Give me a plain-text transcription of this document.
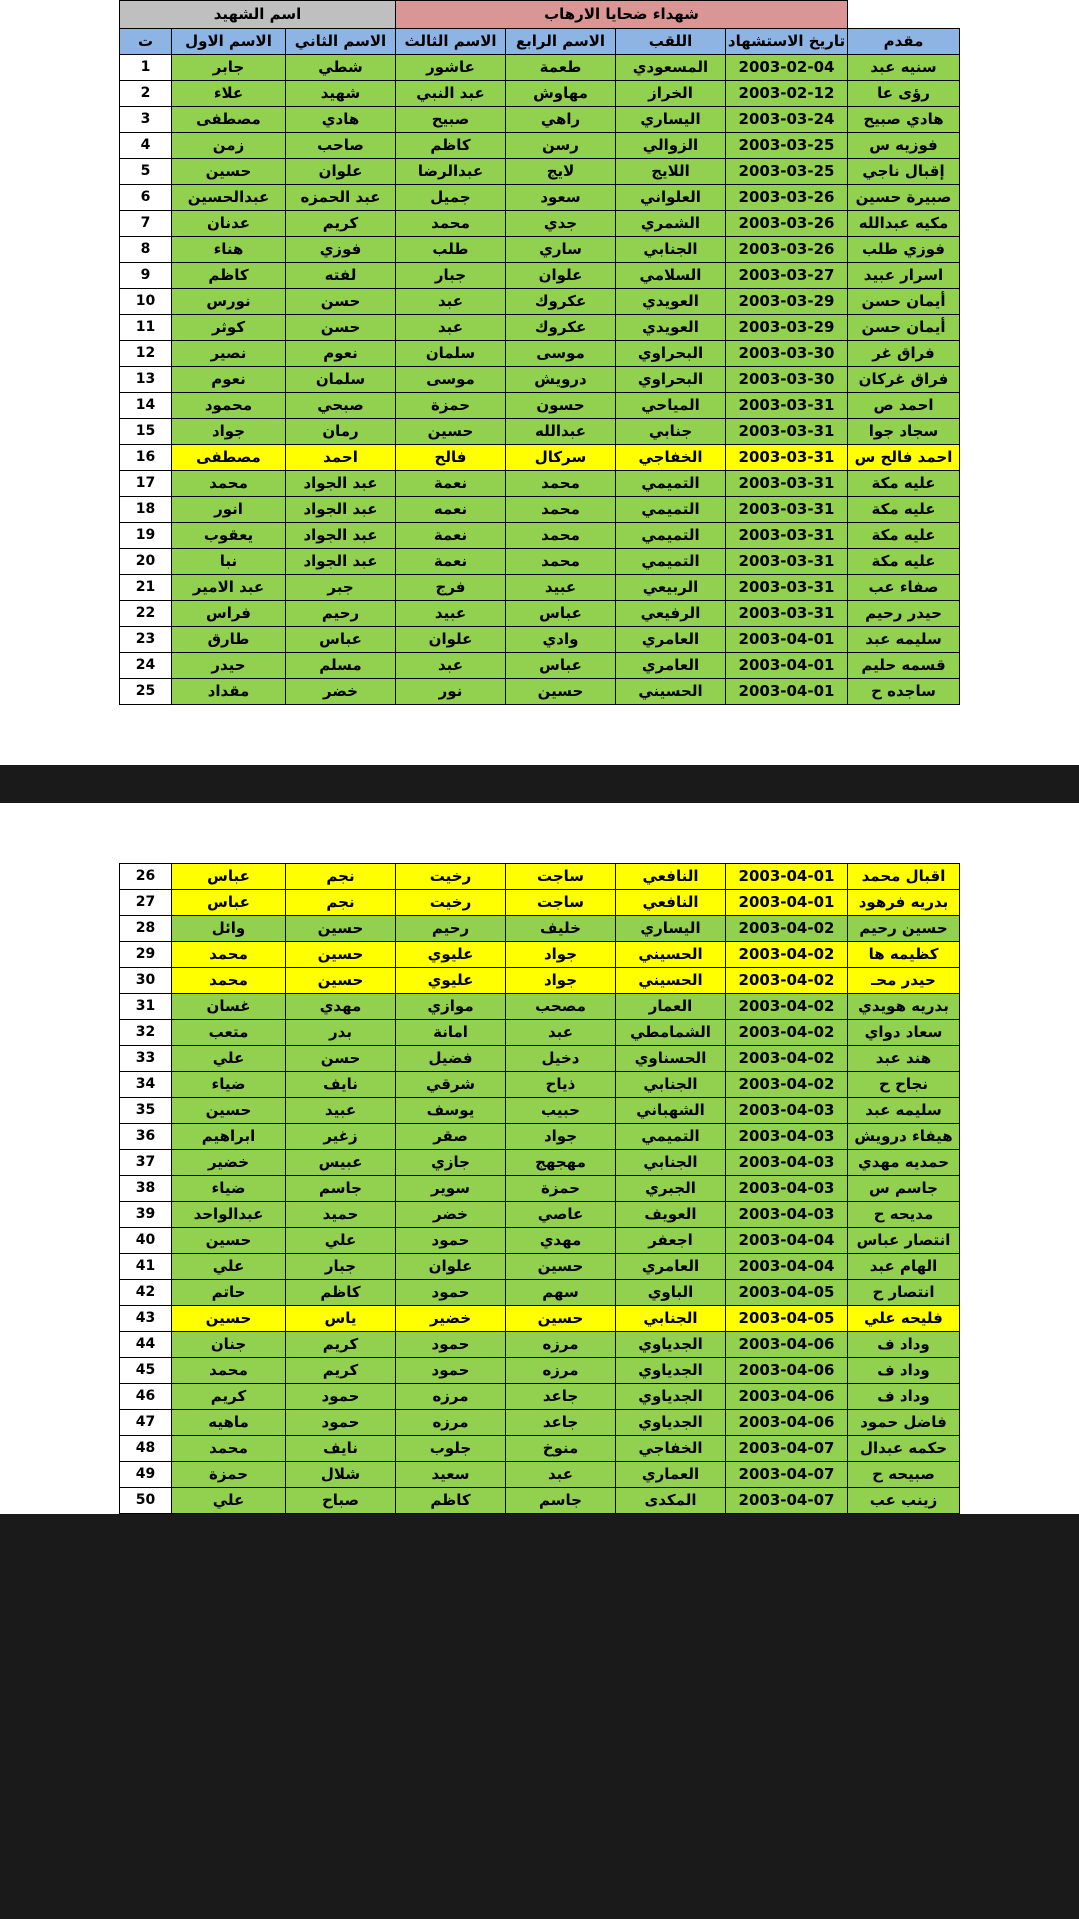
	شهداء ضحايا الارهاب				اسم الشهيد		
مقدم	تاريخ الاستشهاد	اللقب	الاسم الرابع	الاسم الثالث	الاسم الثاني	الاسم الاول	ت
سنيه عبد	2003-02-04	المسعودي	طعمة	عاشور	شطي	جابر	1
رؤى عا	2003-02-12	الخراز	مهاوش	عبد النبي	شهيد	علاء	2
هادي صبيح	2003-03-24	اليساري	راهي	صبيح	هادي	مصطفى	3
فوزيه س	2003-03-25	الزوالي	رسن	كاظم	صاحب	زمن	4
إقبال ناجي	2003-03-25	اللايج	لايج	عبدالرضا	علوان	حسين	5
صبيرة حسين	2003-03-26	العلواني	سعود	جميل	عبد الحمزه	عبدالحسين	6
مكيه عبدالله	2003-03-26	الشمري	جدي	محمد	كريم	عدنان	7
فوزي طلب	2003-03-26	الجنابي	ساري	طلب	فوزي	هناء	8
اسرار عبيد	2003-03-27	السلامي	علوان	جبار	لفته	كاظم	9
أيمان حسن	2003-03-29	العويدي	عكروك	عبد	حسن	نورس	10
أيمان حسن	2003-03-29	العويدي	عكروك	عبد	حسن	كوثر	11
فراق غر	2003-03-30	البحراوي	موسى	سلمان	نعوم	نصير	12
فراق غركان	2003-03-30	البحراوي	درويش	موسى	سلمان	نعوم	13
احمد ص	2003-03-31	المياحي	حسون	حمزة	صبحي	محمود	14
سجاد جوا	2003-03-31	جنابي	عبدالله	حسين	رمان	جواد	15
احمد فالح س	2003-03-31	الخفاجي	سركال	فالح	احمد	مصطفى	16
عليه مكة	2003-03-31	التميمي	محمد	نعمة	عبد الجواد	محمد	17
عليه مكة	2003-03-31	التميمي	محمد	نعمه	عبد الجواد	انور	18
عليه مكة	2003-03-31	التميمي	محمد	نعمة	عبد الجواد	يعقوب	19
عليه مكة	2003-03-31	التميمي	محمد	نعمة	عبد الجواد	نبا	20
صفاء عب	2003-03-31	الربيعي	عبيد	فرج	جبر	عبد الامير	21
حيدر رحيم	2003-03-31	الرفيعي	عباس	عبيد	رحيم	فراس	22
سليمه عبد	2003-04-01	العامري	وادي	علوان	عباس	طارق	23
قسمه حليم	2003-04-01	العامري	عباس	عبد	مسلم	حيدر	24
ساجده ح	2003-04-01	الحسيني	حسين	نور	خضر	مقداد	25
اقبال محمد	2003-04-01	النافعي	ساجت	رخيت	نجم	عباس	26
بدريه فرهود	2003-04-01	النافعي	ساجت	رخيت	نجم	عباس	27
حسين رحيم	2003-04-02	اليساري	خليف	رحيم	حسين	وائل	28
كظيمه ها	2003-04-02	الحسيني	جواد	عليوي	حسين	محمد	29
حيدر محـ	2003-04-02	الحسيني	جواد	عليوي	حسين	محمد	30
بدريه هويدي	2003-04-02	العمار	مصحب	موازي	مهدي	غسان	31
سعاد دواي	2003-04-02	الشمامطي	عبد	امانة	بدر	متعب	32
هند عبد	2003-04-02	الحسناوي	دخيل	فضيل	حسن	علي	33
نجاح ح	2003-04-02	الجنابي	ذياح	شرقي	نايف	ضياء	34
سليمه عبد	2003-04-03	الشهباني	حبيب	يوسف	عبيد	حسين	35
هيفاء درويش	2003-04-03	التميمي	جواد	صقر	زغير	ابراهيم	36
حمديه مهدي	2003-04-03	الجنابي	مهجهج	جازي	عبيس	خضير	37
جاسم س	2003-04-03	الجبري	حمزة	سوير	جاسم	ضياء	38
مديحه ح	2003-04-03	العويف	عاصي	خضر	حميد	عبدالواحد	39
انتصار عباس	2003-04-04	اجعفر	مهدي	حمود	علي	حسين	40
الهام عبد	2003-04-04	العامري	حسين	علوان	جبار	علي	41
انتصار ح	2003-04-05	الباوي	سهم	حمود	كاظم	حاتم	42
فليحه علي	2003-04-05	الجنابي	حسين	خضير	ياس	حسين	43
وداد ف	2003-04-06	الجدياوي	مرزه	حمود	كريم	جنان	44
وداد ف	2003-04-06	الجدياوي	مرزه	حمود	كريم	محمد	45
وداد ف	2003-04-06	الجدياوي	جاعد	مرزه	حمود	كريم	46
فاضل حمود	2003-04-06	الجدياوي	جاعد	مرزه	حمود	ماهيه	47
حكمه عبدال	2003-04-07	الخفاجي	منوخ	جلوب	نايف	محمد	48
صبيحه ح	2003-04-07	العماري	عبد	سعيد	شلال	حمزة	49
زينب عب	2003-04-07	المكدى	جاسم	كاظم	صباح	علي	50
